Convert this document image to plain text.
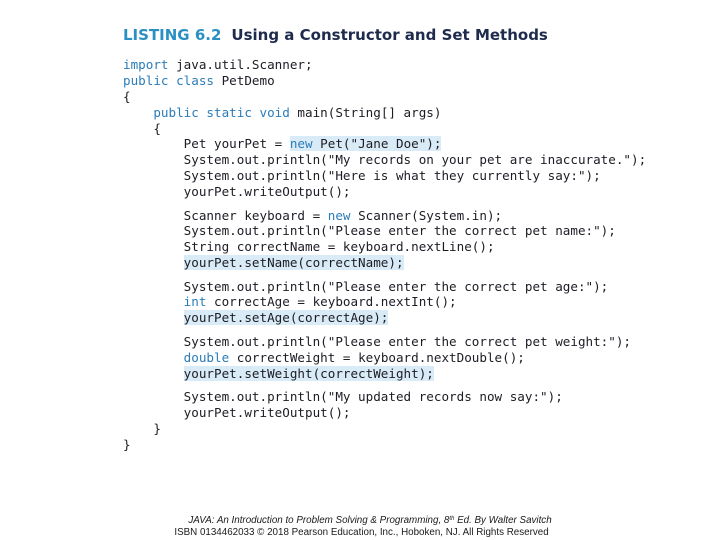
LISTING 6.2 Using a Constructor and Set Methods
import java.util.Scanner;
public class PetDemo
{
public static void main(String[] args)
{
Pet yourPet = new Pet("Jane Doe");
System.out.println("My records on your pet are inaccurate.");
System.out.println("Here is what they currently say:");
yourPet.writeOutput();
Scanner keyboard = new Scanner(System.in);
System.out.println("Please enter the correct pet name:");
String correctName = keyboard.nextLine();
yourPet.setName(correctName);
System.out.println("Please enter the correct pet age:");
int correctAge = keyboard.nextInt();
yourPet.setAge(correctAge);
System.out.println("Please enter the correct pet weight:");
double correctWeight = keyboard.nextDouble();
yourPet.setWeight(correctWeight);
System.out.println("My updated records now say:");
yourPet.writeOutput();
}
}
JAVA: An Introduction to Problem Solving & Programming, 8th Ed. By Walter Savitch
ISBN 0134462033 © 2018 Pearson Education, Inc., Hoboken, NJ. All Rights Reserved
